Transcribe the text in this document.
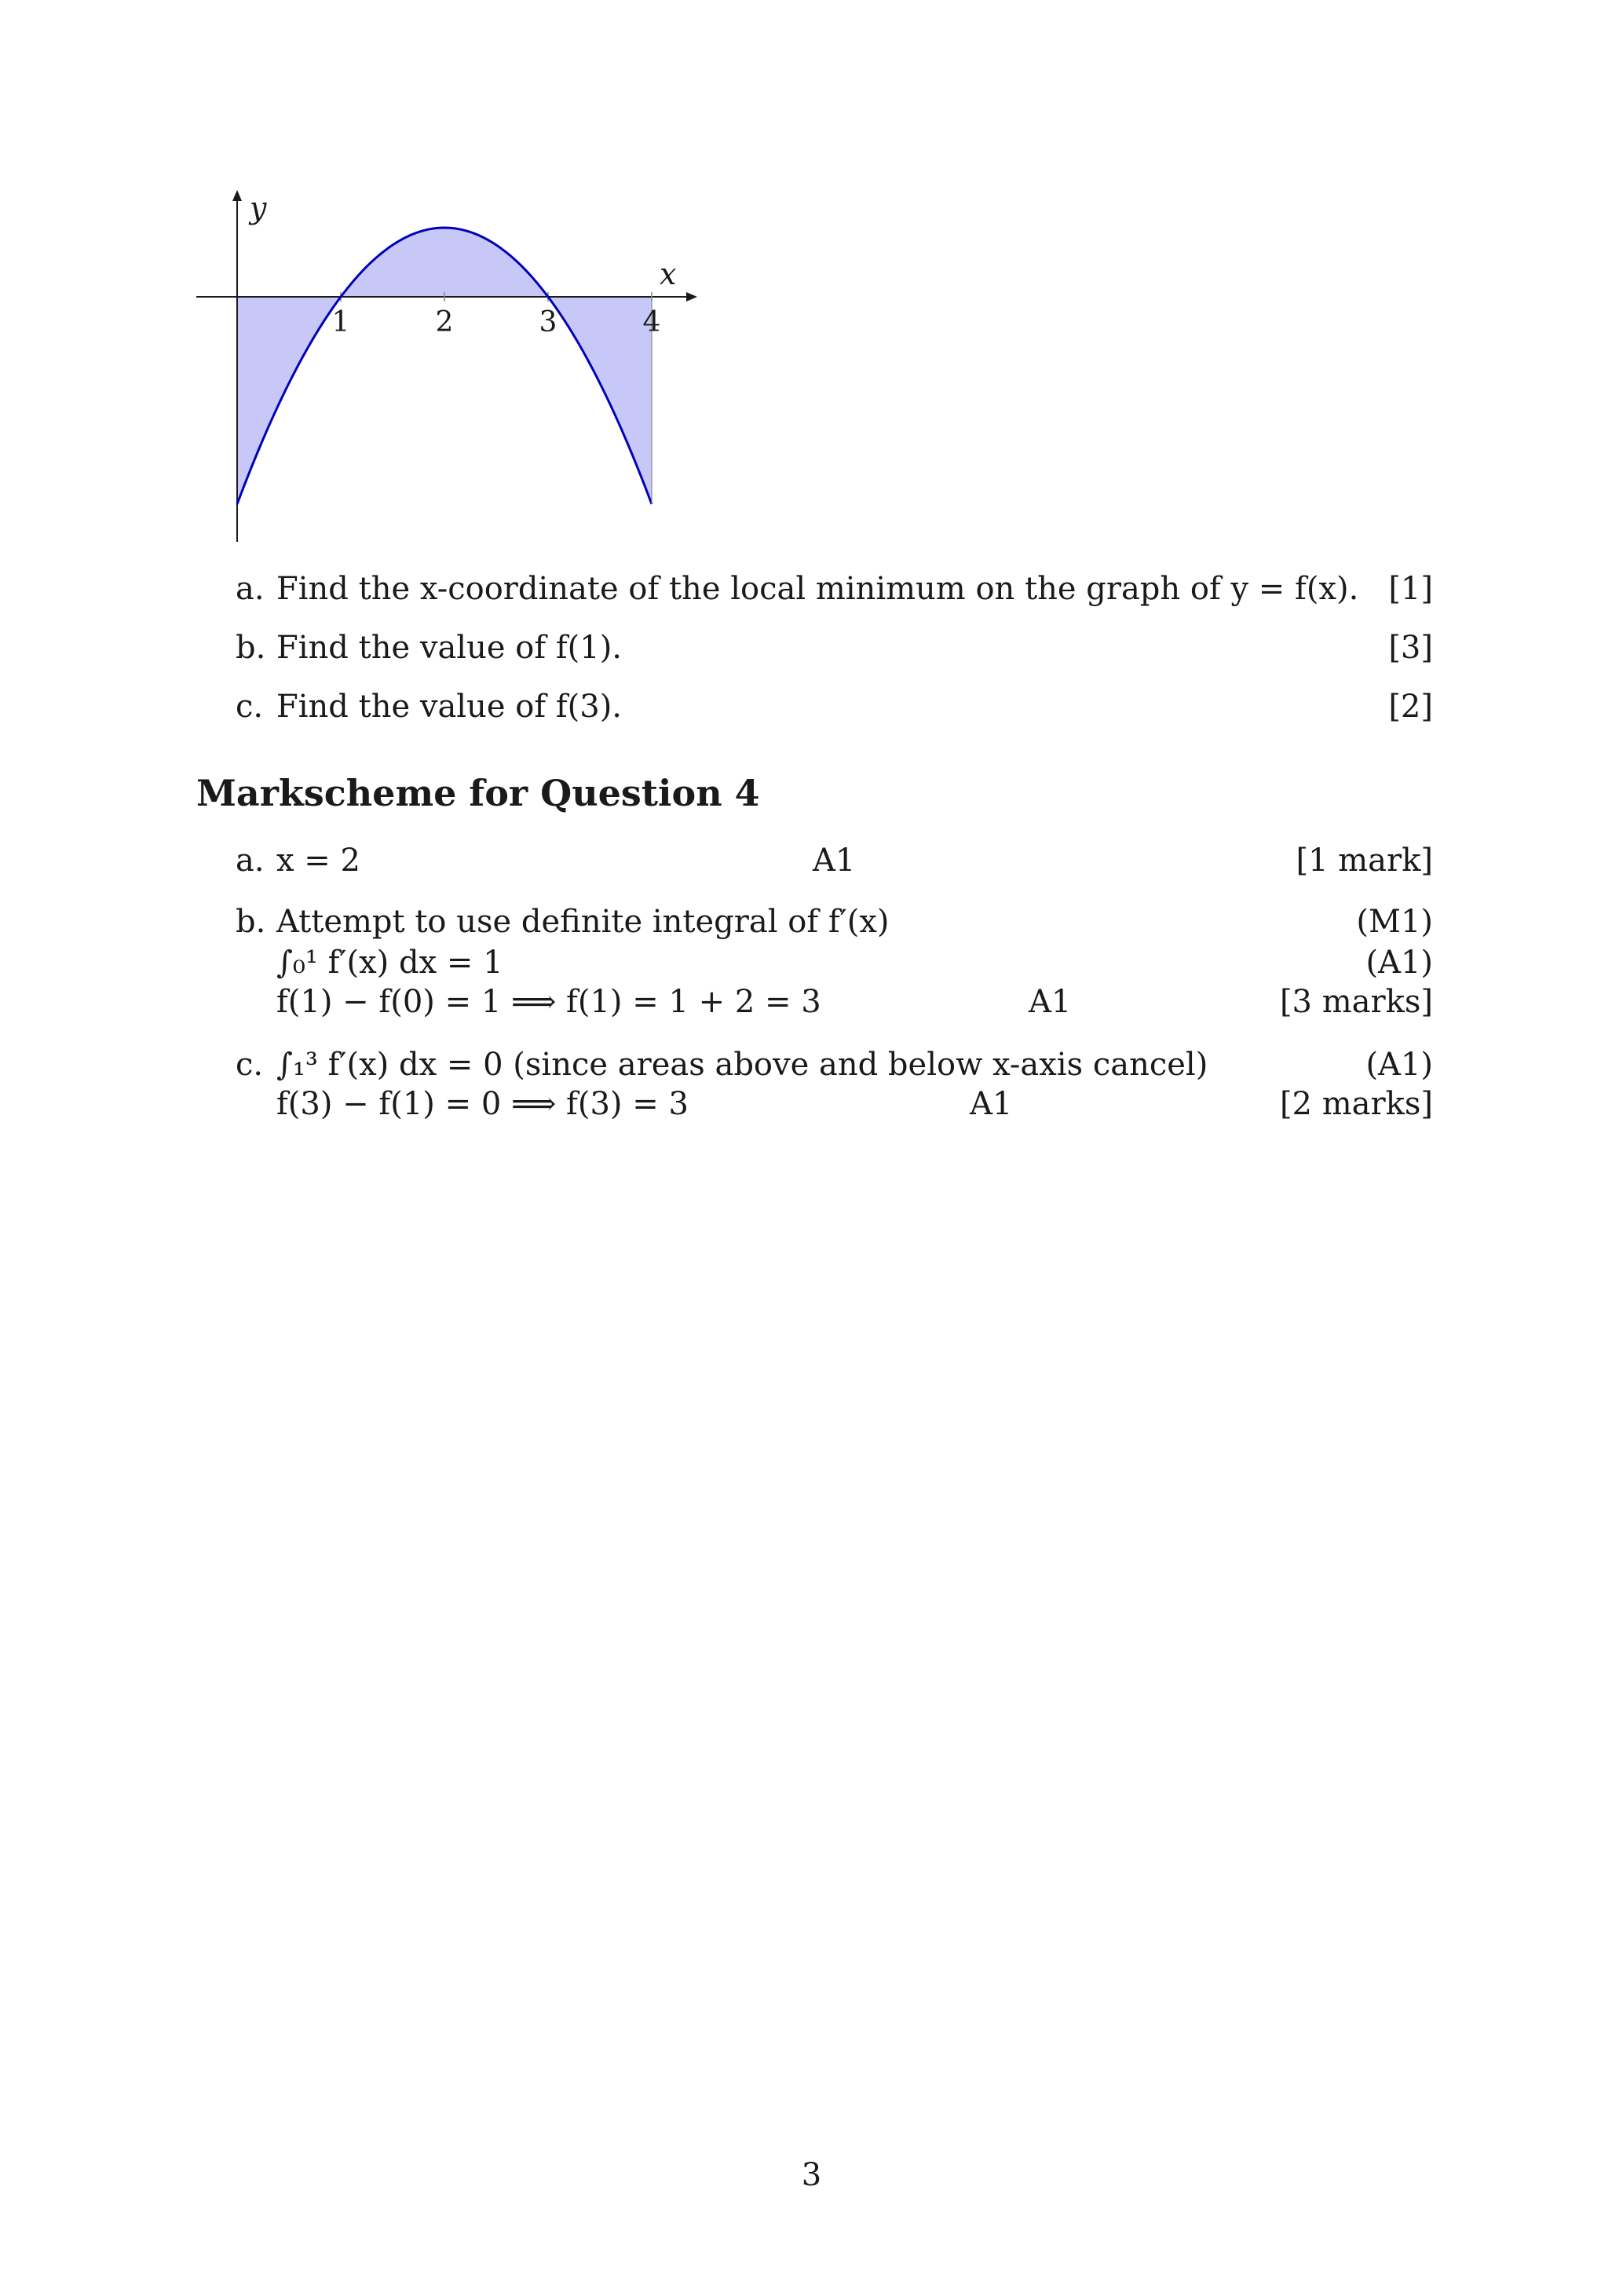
y
x
1	2	3	4
a. Find the x-coordinate of the local minimum on the graph of y = f(x). [1]
b. Find the value of f(1).	[3]
c. Find the value of f(3).	[2]
Markscheme for Question 4
a. x = 2	A1	[1 mark]
b. Attempt to use definite integral of f′(x)	(M1)
∫₀¹ f′(x) dx = 1	(A1)
f(1) − f(0) = 1 ⟹ f(1) = 1 + 2 = 3	A1	[3 marks]
c. ∫₁³ f′(x) dx = 0 (since areas above and below x-axis cancel)	(A1)
f(3) − f(1) = 0 ⟹ f(3) = 3	A1	[2 marks]
3
